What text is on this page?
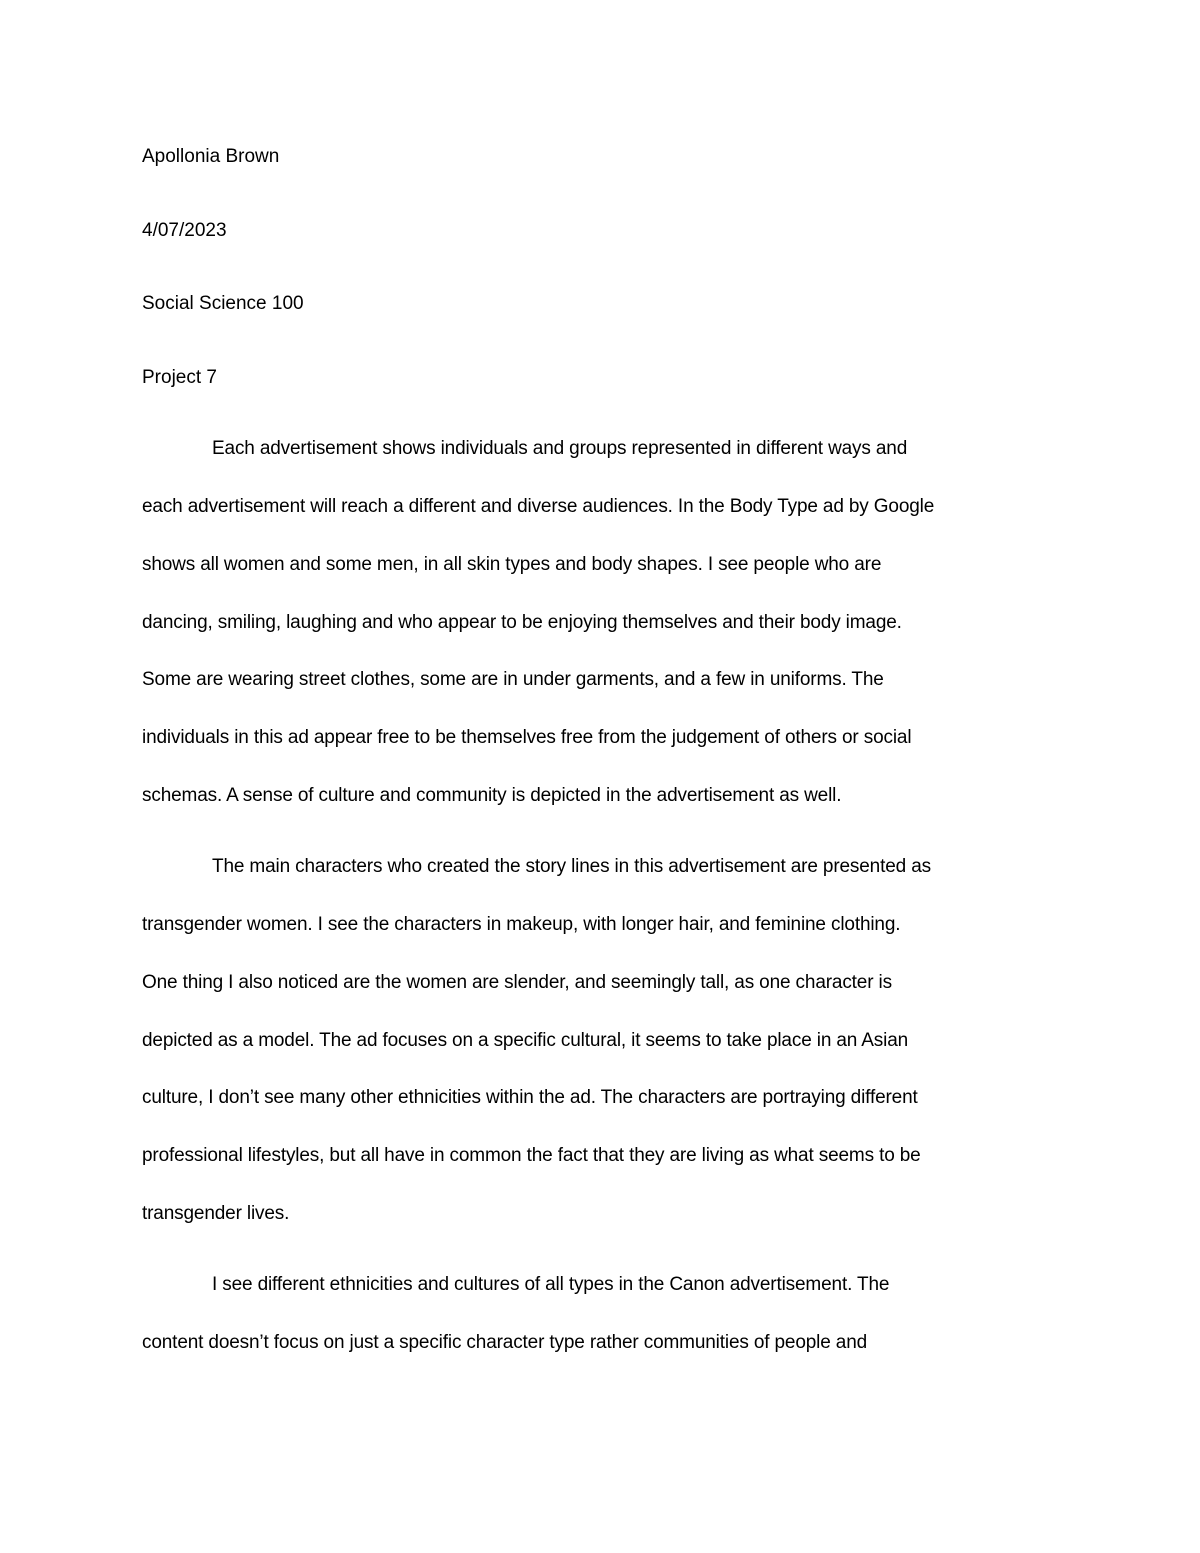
Apollonia Brown
4/07/2023
Social Science 100
Project 7
Each advertisement shows individuals and groups represented in different ways and
each advertisement will reach a different and diverse audiences. In the Body Type ad by Google
shows all women and some men, in all skin types and body shapes. I see people who are
dancing, smiling, laughing and who appear to be enjoying themselves and their body image.
Some are wearing street clothes, some are in under garments, and a few in uniforms. The
individuals in this ad appear free to be themselves free from the judgement of others or social
schemas. A sense of culture and community is depicted in the advertisement as well.
The main characters who created the story lines in this advertisement are presented as
transgender women. I see the characters in makeup, with longer hair, and feminine clothing.
One thing I also noticed are the women are slender, and seemingly tall, as one character is
depicted as a model. The ad focuses on a specific cultural, it seems to take place in an Asian
culture, I don’t see many other ethnicities within the ad. The characters are portraying different
professional lifestyles, but all have in common the fact that they are living as what seems to be
transgender lives.
I see different ethnicities and cultures of all types in the Canon advertisement. The
content doesn’t focus on just a specific character type rather communities of people and
